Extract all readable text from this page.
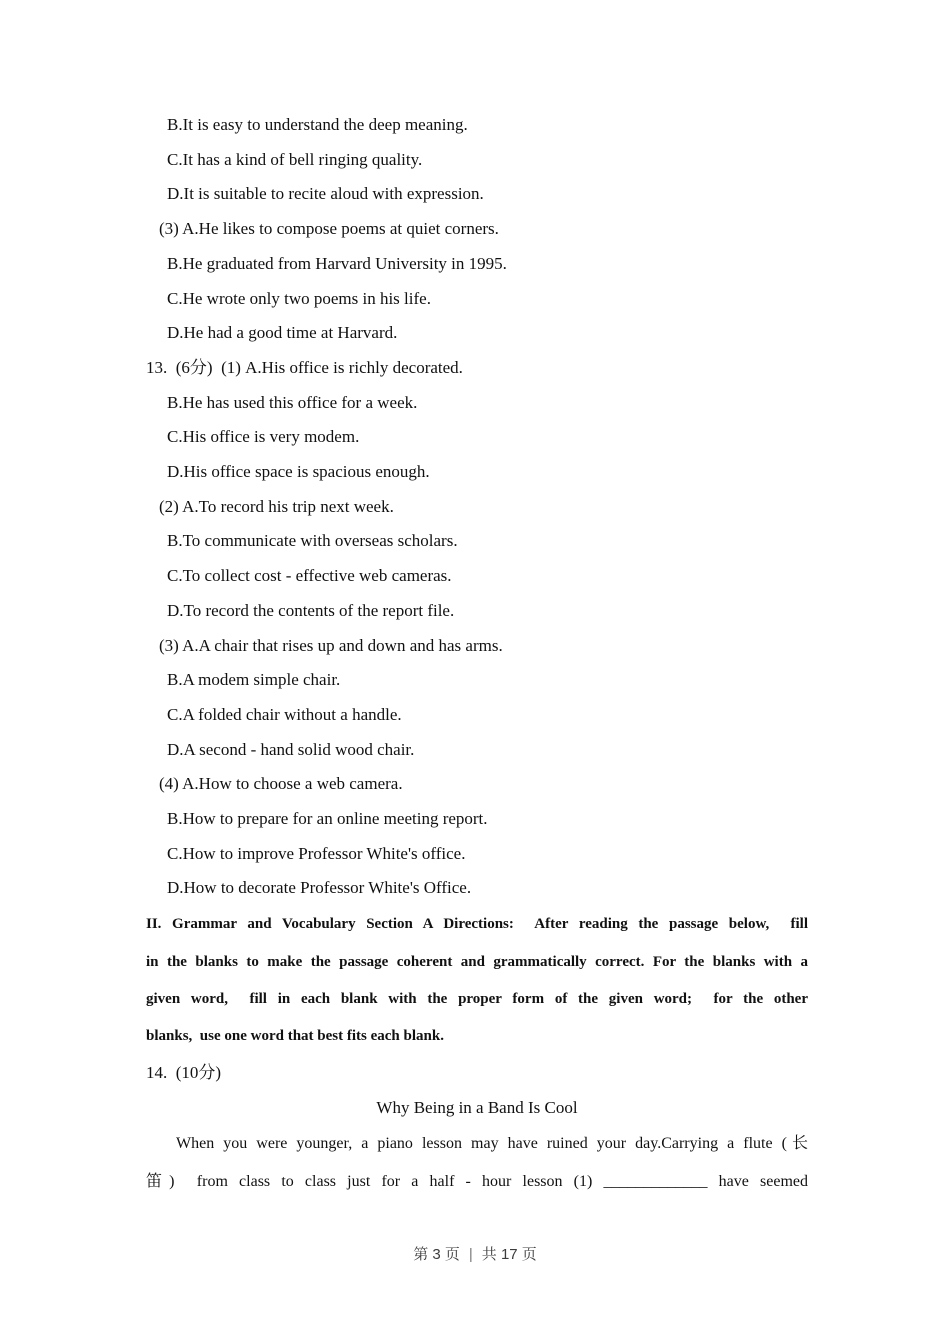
B.It is easy to understand the deep meaning.
C.It has a kind of bell ringing quality.
D.It is suitable to recite aloud with expression.
(3) A.He likes to compose poems at quiet corners.
B.He graduated from Harvard University in 1995.
C.He wrote only two poems in his life.
D.He had a good time at Harvard.
13.  (6分)  (1) A.His office is richly decorated.
B.He has used this office for a week.
C.His office is very modem.
D.His office space is spacious enough.
(2) A.To record his trip next week.
B.To communicate with overseas scholars.
C.To collect cost - effective web cameras.
D.To record the contents of the report file.
(3) A.A chair that rises up and down and has arms.
B.A modem simple chair.
C.A folded chair without a handle.
D.A second - hand solid wood chair.
(4) A.How to choose a web camera.
B.How to prepare for an online meeting report.
C.How to improve Professor White's office.
D.How to decorate Professor White's Office.
II. Grammar and Vocabulary Section A Directions:  After reading the passage below,  fill
in the blanks to make the passage coherent and grammatically correct. For the blanks with a
given word,  fill in each blank with the proper form of the given word;  for the other
blanks,  use one word that best fits each blank.
14.  (10分)
Why Being in a Band Is Cool
When you were younger, a piano lesson may have ruined your day.Carrying a flute (长
笛)  from class to class just for a half - hour lesson (1) _____________ have seemed
第 3 页 | 共 17 页
